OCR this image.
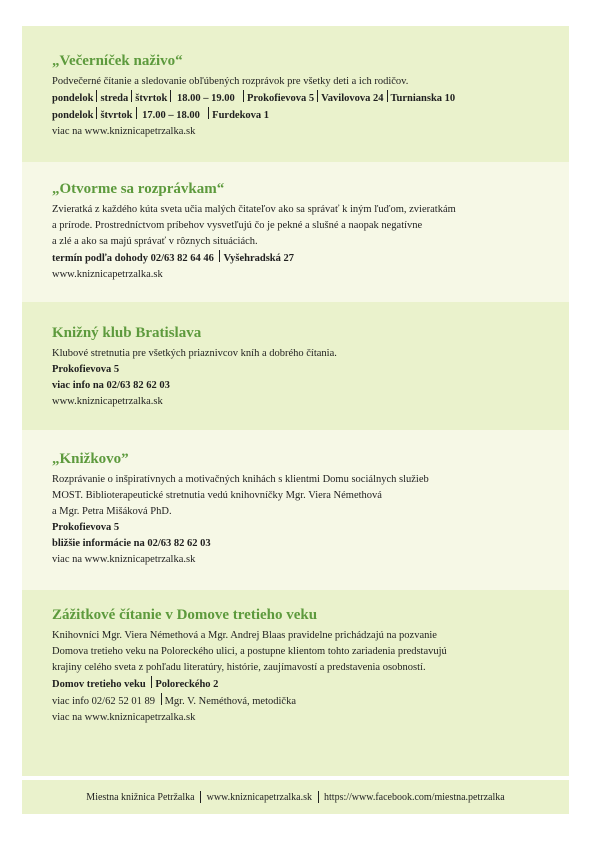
„Večerníček naživo“
Podvečerné čítanie a sledovanie obľúbených rozprávok pre všetky deti a ich rodičov.
pondelok streda štvrtok 18.00 – 19.00 Prokofievova 5 Vavilovova 24 Turnianska 10
pondelok štvrtok 17.00 – 18.00 Furdekova 1
viac na www.kniznicapetrzalka.sk
„Otvorme sa rozprávkam“
Zvieratká z každého kúta sveta učia malých čitateľov ako sa správať k iným ľuďom, zvieratkám
a prírode. Prostredníctvom príbehov vysvetľujú čo je pekné a slušné a naopak negatívne
a zlé a ako sa majú správať v rôznych situáciách.
termín podľa dohody 02/63 82 64 46 Vyšehradská 27
www.kniznicapetrzalka.sk
Knižný klub Bratislava
Klubové stretnutia pre všetkých priaznivcov kníh a dobrého čítania.
Prokofievova 5
viac info na 02/63 82 62 03
www.kniznicapetrzalka.sk
„Knižkovo”
Rozprávanie o inšpiratívnych a motivačných knihách s klientmi Domu sociálnych služieb
MOST. Biblioterapeutické stretnutia vedú knihovníčky Mgr. Viera Némethová
a Mgr. Petra Mišáková PhD.
Prokofievova 5
bližšie informácie na 02/63 82 62 03
viac na www.kniznicapetrzalka.sk
Zážitkové čítanie v Domove tretieho veku
Knihovníci Mgr. Viera Némethová a Mgr. Andrej Blaas pravidelne prichádzajú na pozvanie
Domova tretieho veku na Poloreckého ulici, a postupne klientom tohto zariadenia predstavujú
krajiny celého sveta z pohľadu literatúry, histórie, zaujímavostí a predstavenia osobností.
Domov tretieho veku Poloreckého 2
viac info 02/62 52 01 89 Mgr. V. Neméthová, metodička
viac na www.kniznicapetrzalka.sk
Miestna knižnica Petržalka

www.kniznicapetrzalka.sk

https://www.facebook.com/miestna.petrzalka
